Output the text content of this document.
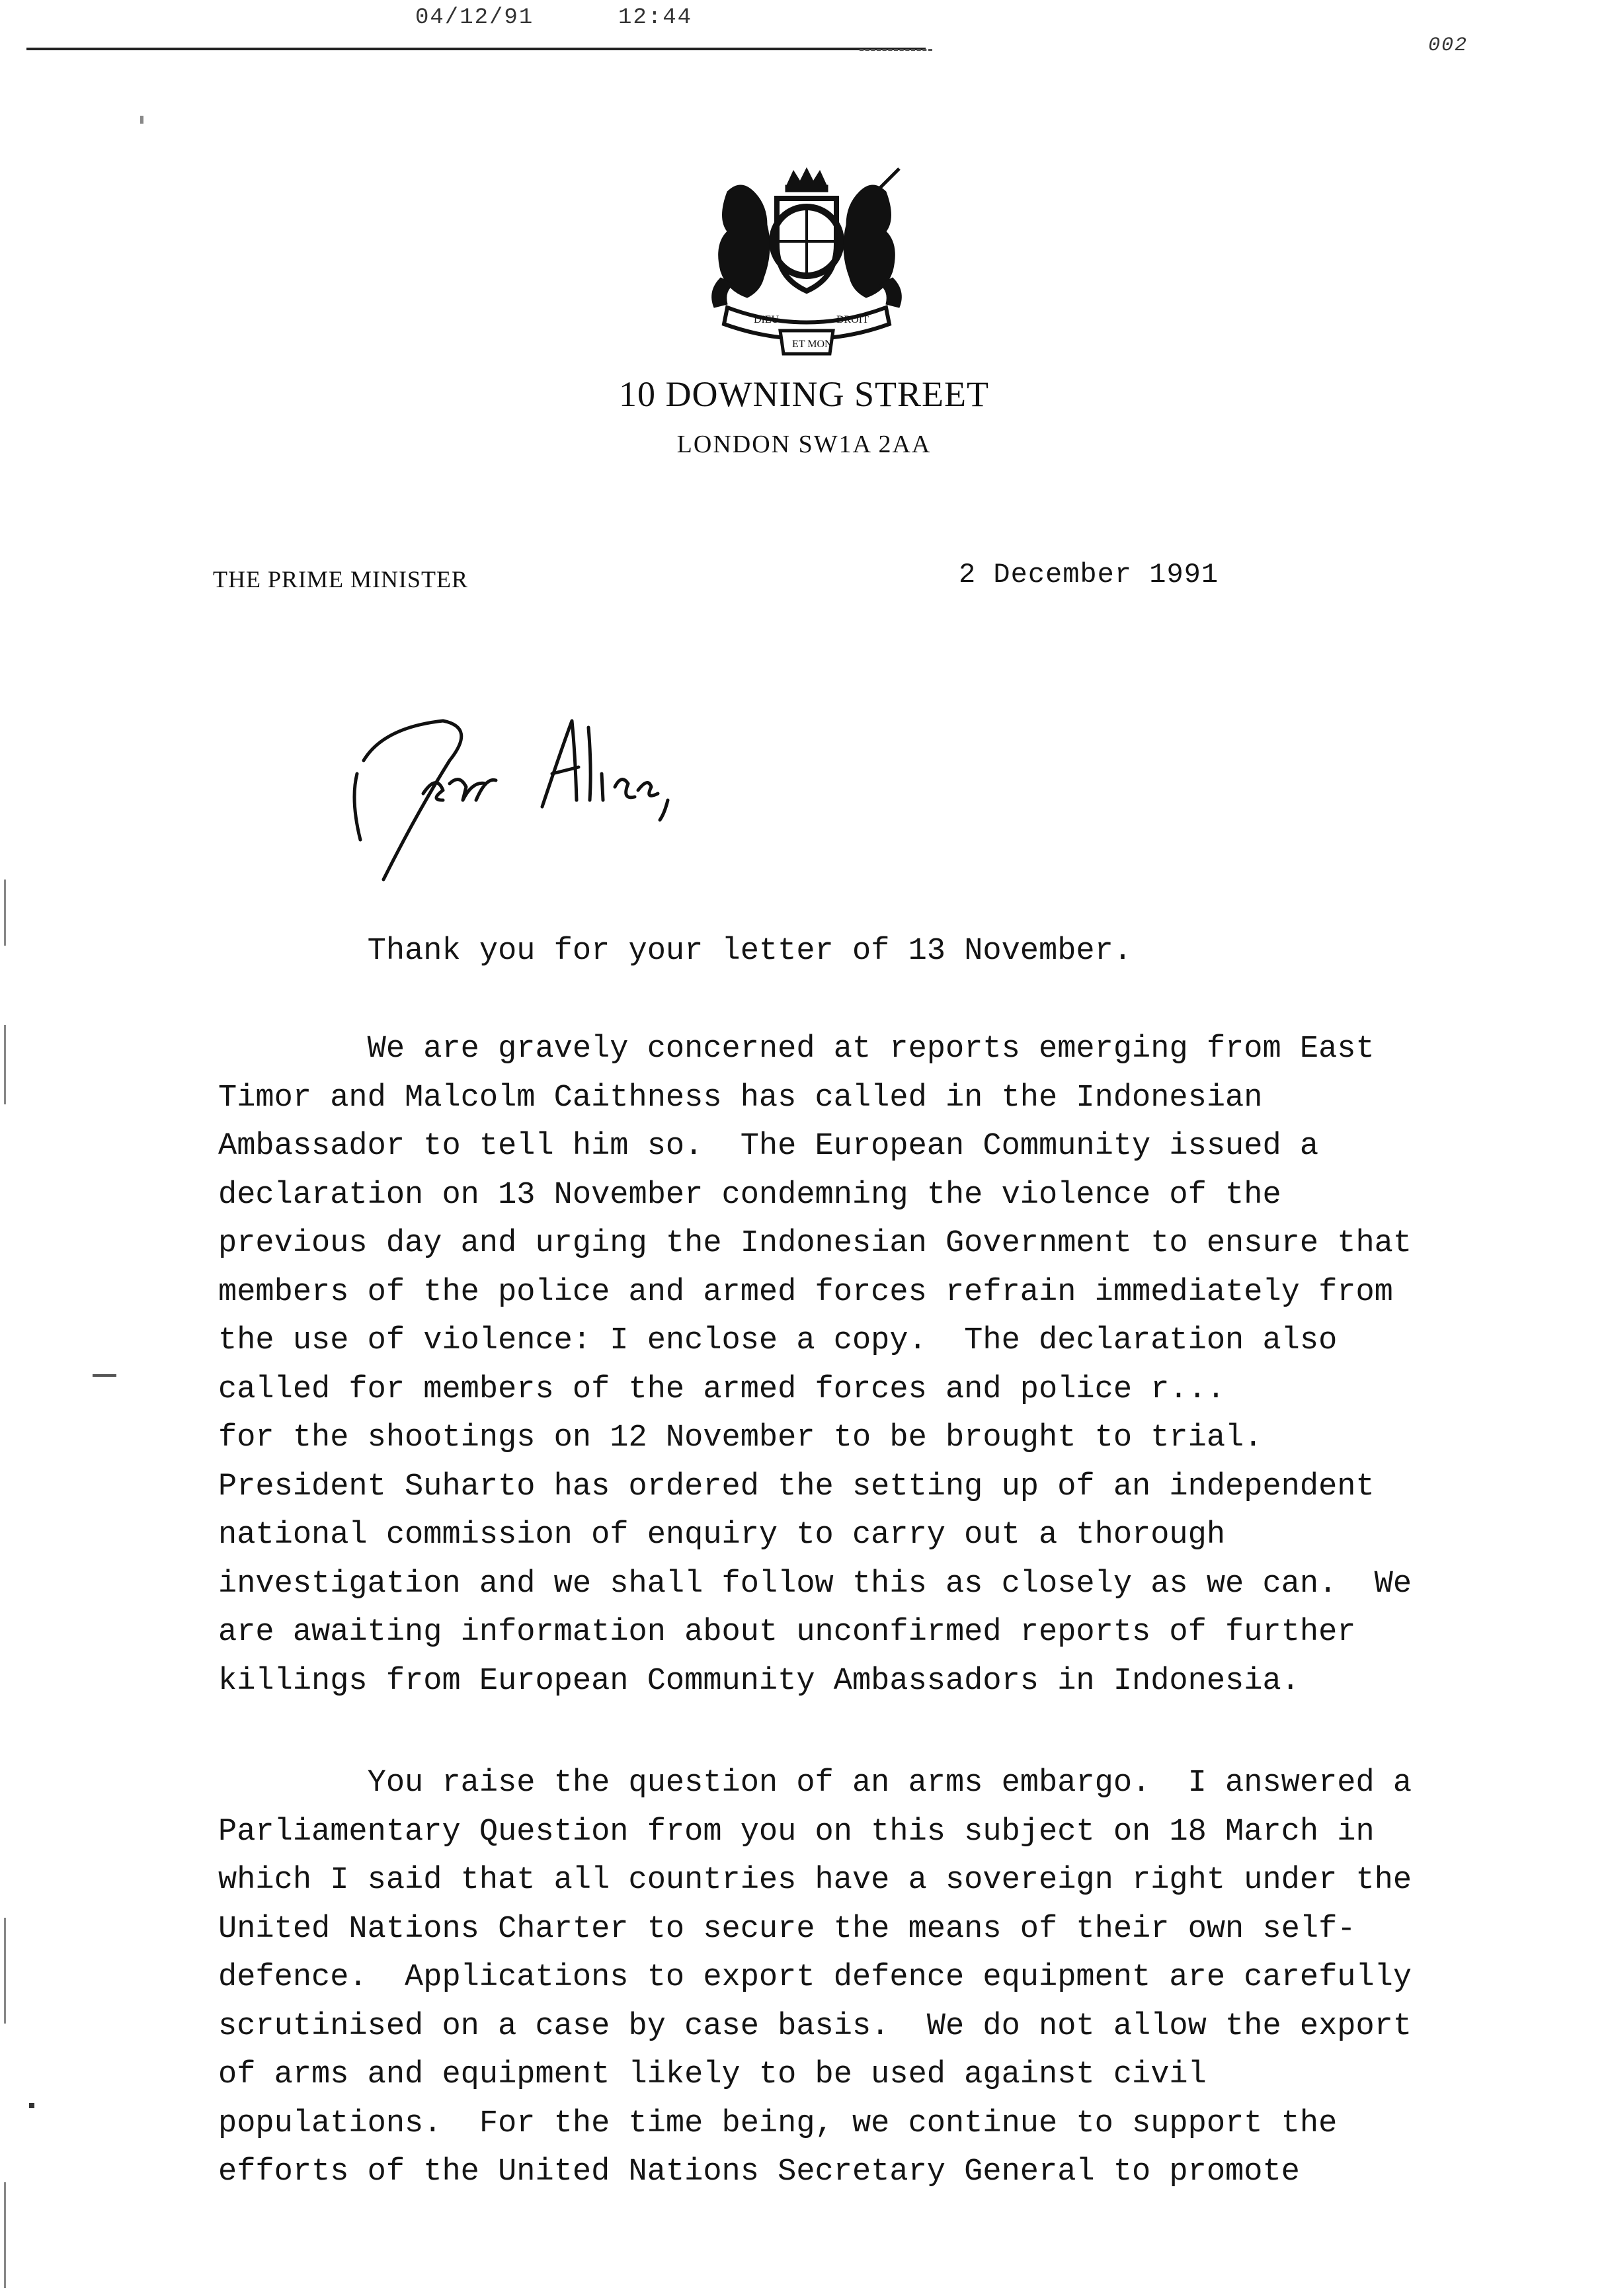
04/12/91	12:44
002
DIEU
ET MON
DROIT
10 DOWNING STREET
LONDON SW1A 2AA
THE PRIME MINISTER	2 December 1991
Thank you for your letter of 13 November.
We are gravely concerned at reports emerging from East
Timor and Malcolm Caithness has called in the Indonesian
Ambassador to tell him so.  The European Community issued a
declaration on 13 November condemning the violence of the
previous day and urging the Indonesian Government to ensure that
members of the police and armed forces refrain immediately from
the use of violence: I enclose a copy.  The declaration also
called for members of the armed forces and police r...
for the shootings on 12 November to be brought to trial.
President Suharto has ordered the setting up of an independent
national commission of enquiry to carry out a thorough
investigation and we shall follow this as closely as we can.  We
are awaiting information about unconfirmed reports of further
killings from European Community Ambassadors in Indonesia.
You raise the question of an arms embargo.  I answered a
Parliamentary Question from you on this subject on 18 March in
which I said that all countries have a sovereign right under the
United Nations Charter to secure the means of their own self-
defence.  Applications to export defence equipment are carefully
scrutinised on a case by case basis.  We do not allow the export
of arms and equipment likely to be used against civil
populations.  For the time being, we continue to support the
efforts of the United Nations Secretary General to promote
